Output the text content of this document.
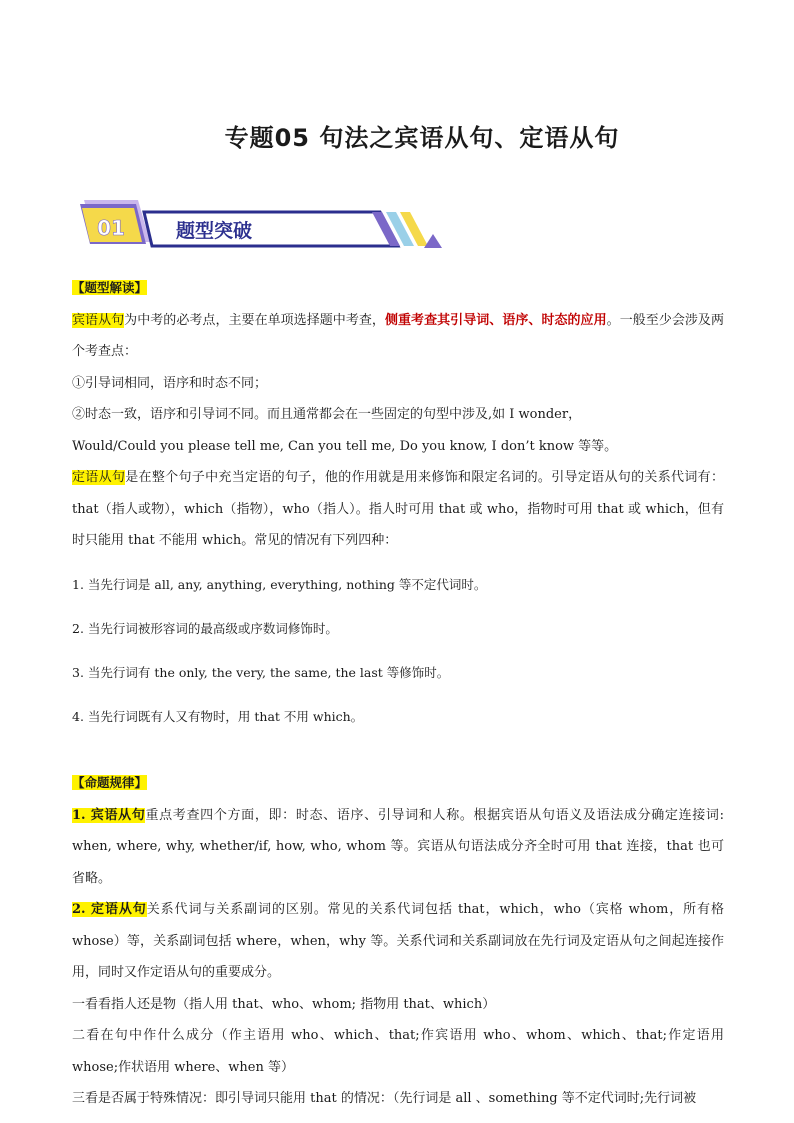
专题05 句法之宾语从句、定语从句
01	题型突破

【题型解读】

宾语从句为中考的必考点，主要在单项选择题中考查，侧重考查其引导词、语序、时态的应用。一般至少会涉及两个考查点：

①引导词相同，语序和时态不同；

②时态一致，语序和引导词不同。而且通常都会在一些固定的句型中涉及,如 I wonder，

Would/Could you please tell me, Can you tell me, Do you know, I don’t know 等等。

定语从句是在整个句子中充当定语的句子，他的作用就是用来修饰和限定名词的。引导定语从句的关系代词有：that（指人或物），which（指物），who（指人）。指人时可用 that 或 who，指物时可用 that 或 which，但有时只能用 that 不能用 which。常见的情况有下列四种：

1. 当先行词是 all, any, anything, everything, nothing 等不定代词时。

2. 当先行词被形容词的最高级或序数词修饰时。

3. 当先行词有 the only, the very, the same, the last 等修饰时。

4. 当先行词既有人又有物时，用 that 不用 which。

【命题规律】

1. 宾语从句重点考查四个方面，即：时态、语序、引导词和人称。根据宾语从句语义及语法成分确定连接词: when, where, why, whether/if, how, who, whom 等。宾语从句语法成分齐全时可用 that 连接，that 也可省略。

2. 定语从句关系代词与关系副词的区别。常见的关系代词包括 that，which，who（宾格 whom，所有格 whose）等，关系副词包括 where，when，why 等。关系代词和关系副词放在先行词及定语从句之间起连接作用，同时又作定语从句的重要成分。

一看看指人还是物（指人用 that、who、whom; 指物用 that、which）

二看在句中作什么成分（作主语用 who、which、that;作宾语用 who、whom、which、that;作定语用 whose;作状语用 where、when 等）

三看是否属于特殊情况：即引导词只能用 that 的情况：（先行词是 all 、something 等不定代词时;先行词被
